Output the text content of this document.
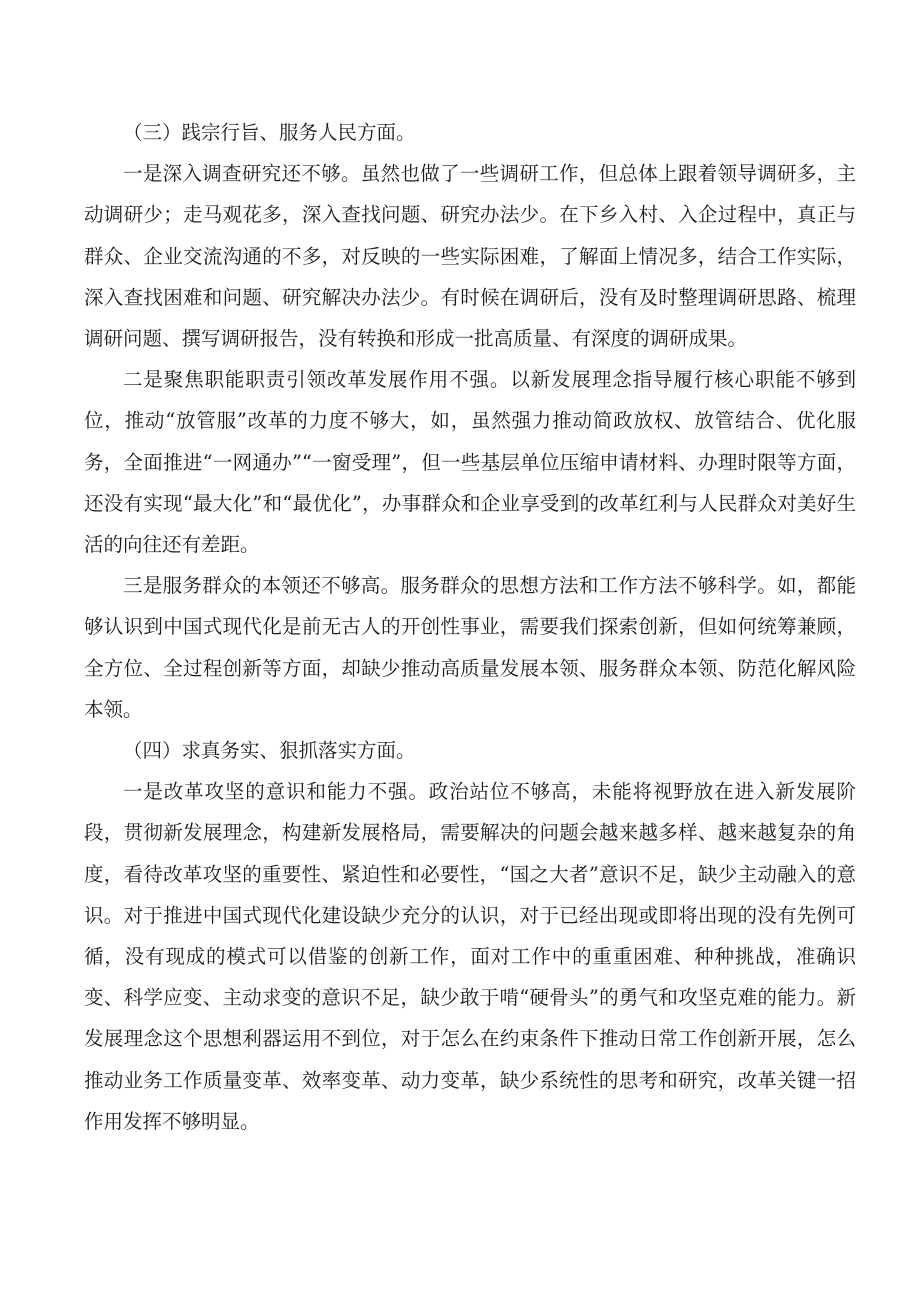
（三）践宗行旨、服务人民方面。

一是深入调查研究还不够。虽然也做了一些调研工作，但总体上跟着领导调研多，主动调研少；走马观花多，深入查找问题、研究办法少。在下乡入村、入企过程中，真正与群众、企业交流沟通的不多，对反映的一些实际困难，了解面上情况多，结合工作实际，深入查找困难和问题、研究解决办法少。有时候在调研后，没有及时整理调研思路、梳理调研问题、撰写调研报告，没有转换和形成一批高质量、有深度的调研成果。

二是聚焦职能职责引领改革发展作用不强。以新发展理念指导履行核心职能不够到位，推动“放管服”改革的力度不够大，如，虽然强力推动简政放权、放管结合、优化服务，全面推进“一网通办”“一窗受理”，但一些基层单位压缩申请材料、办理时限等方面，还没有实现“最大化”和“最优化”，办事群众和企业享受到的改革红利与人民群众对美好生活的向往还有差距。

三是服务群众的本领还不够高。服务群众的思想方法和工作方法不够科学。如，都能够认识到中国式现代化是前无古人的开创性事业，需要我们探索创新，但如何统筹兼顾，全方位、全过程创新等方面，却缺少推动高质量发展本领、服务群众本领、防范化解风险本领。

（四）求真务实、狠抓落实方面。

一是改革攻坚的意识和能力不强。政治站位不够高，未能将视野放在进入新发展阶段，贯彻新发展理念，构建新发展格局，需要解决的问题会越来越多样、越来越复杂的角度，看待改革攻坚的重要性、紧迫性和必要性，“国之大者”意识不足，缺少主动融入的意识。对于推进中国式现代化建设缺少充分的认识，对于已经出现或即将出现的没有先例可循，没有现成的模式可以借鉴的创新工作，面对工作中的重重困难、种种挑战，准确识变、科学应变、主动求变的意识不足，缺少敢于啃“硬骨头”的勇气和攻坚克难的能力。新发展理念这个思想利器运用不到位，对于怎么在约束条件下推动日常工作创新开展，怎么推动业务工作质量变革、效率变革、动力变革，缺少系统性的思考和研究，改革关键一招作用发挥不够明显。
